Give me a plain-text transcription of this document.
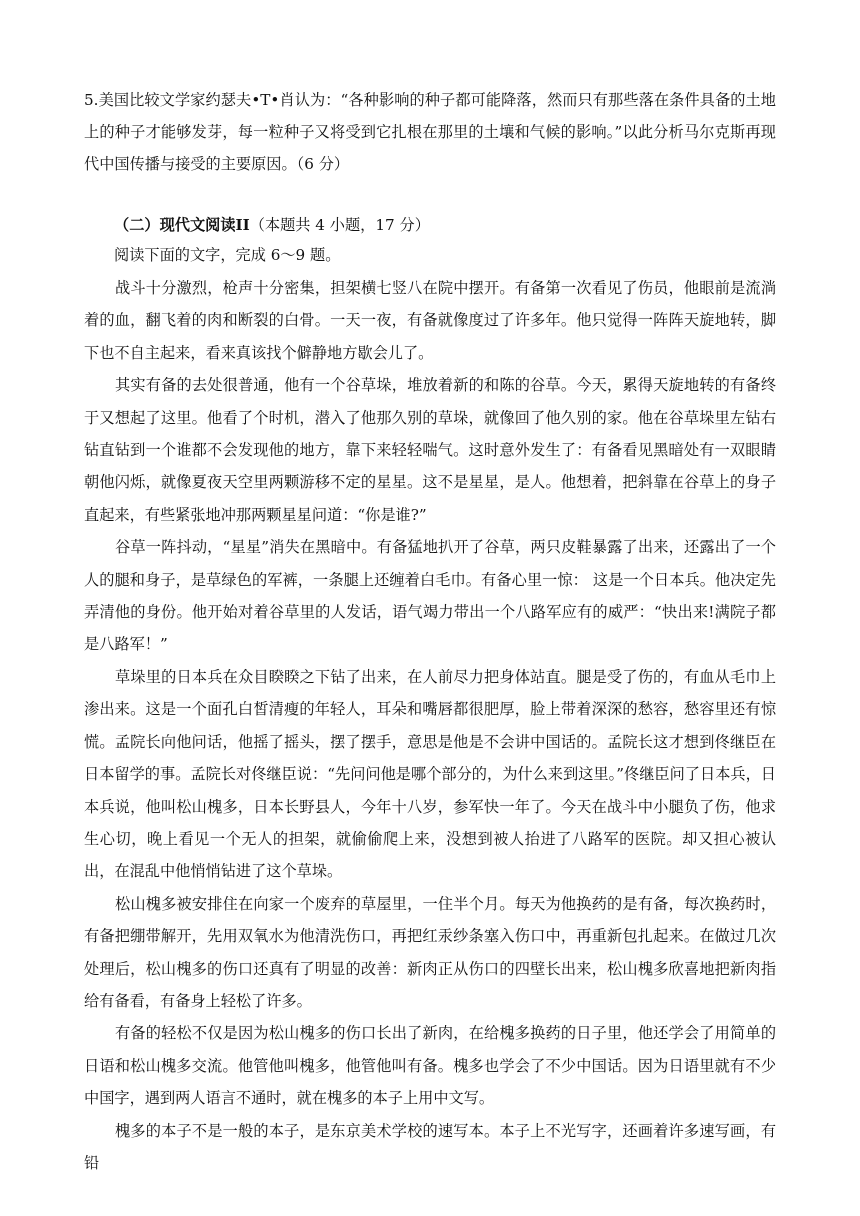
5.美国比较文学家约瑟夫•T•肖认为：“各种影响的种子都可能降落，然而只有那些落在条件具备的土地上的种子才能够发芽，每一粒种子又将受到它扎根在那里的土壤和气候的影响。”以此分析马尔克斯再现代中国传播与接受的主要原因。（6 分）
（二）现代文阅读II（本题共 4 小题，17 分）
阅读下面的文字，完成 6～9 题。

战斗十分激烈，枪声十分密集，担架横七竖八在院中摆开。有备第一次看见了伤员，他眼前是流淌着的血，翻飞着的肉和断裂的白骨。一天一夜，有备就像度过了许多年。他只觉得一阵阵天旋地转，脚下也不自主起来，看来真该找个僻静地方歇会儿了。

其实有备的去处很普通，他有一个谷草垛，堆放着新的和陈的谷草。今天，累得天旋地转的有备终于又想起了这里。他看了个时机，潜入了他那久别的草垛，就像回了他久别的家。他在谷草垛里左钻右钻直钻到一个谁都不会发现他的地方，靠下来轻轻喘气。这时意外发生了：有备看见黑暗处有一双眼睛朝他闪烁，就像夏夜天空里两颗游移不定的星星。这不是星星，是人。他想着，把斜靠在谷草上的身子直起来，有些紧张地冲那两颗星星问道：“你是谁?”

谷草一阵抖动，“星星”消失在黑暗中。有备猛地扒开了谷草，两只皮鞋暴露了出来，还露出了一个人的腿和身子，是草绿色的军裤，一条腿上还缠着白毛巾。有备心里一惊： 这是一个日本兵。他决定先弄清他的身份。他开始对着谷草里的人发话，语气竭力带出一个八路军应有的威严：“快出来!满院子都是八路军！”

草垛里的日本兵在众目睽睽之下钻了出来，在人前尽力把身体站直。腿是受了伤的，有血从毛巾上渗出来。这是一个面孔白皙清瘦的年轻人，耳朵和嘴唇都很肥厚，脸上带着深深的愁容，愁容里还有惊慌。孟院长向他问话，他摇了摇头，摆了摆手，意思是他是不会讲中国话的。孟院长这才想到佟继臣在日本留学的事。孟院长对佟继臣说：“先问问他是哪个部分的，为什么来到这里。”佟继臣问了日本兵，日本兵说，他叫松山槐多，日本长野县人，今年十八岁，参军快一年了。今天在战斗中小腿负了伤，他求生心切，晚上看见一个无人的担架，就偷偷爬上来，没想到被人抬进了八路军的医院。却又担心被认出，在混乱中他悄悄钻进了这个草垛。

松山槐多被安排住在向家一个废弃的草屋里，一住半个月。每天为他换药的是有备，每次换药时，有备把绷带解开，先用双氧水为他清洗伤口，再把红汞纱条塞入伤口中，再重新包扎起来。在做过几次处理后，松山槐多的伤口还真有了明显的改善：新肉正从伤口的四壁长出来，松山槐多欣喜地把新肉指给有备看，有备身上轻松了许多。

有备的轻松不仅是因为松山槐多的伤口长出了新肉，在给槐多换药的日子里，他还学会了用简单的日语和松山槐多交流。他管他叫槐多，他管他叫有备。槐多也学会了不少中国话。因为日语里就有不少中国字，遇到两人语言不通时，就在槐多的本子上用中文写。

槐多的本子不是一般的本子，是东京美术学校的速写本。本子上不光写字，还画着许多速写画，有铅
